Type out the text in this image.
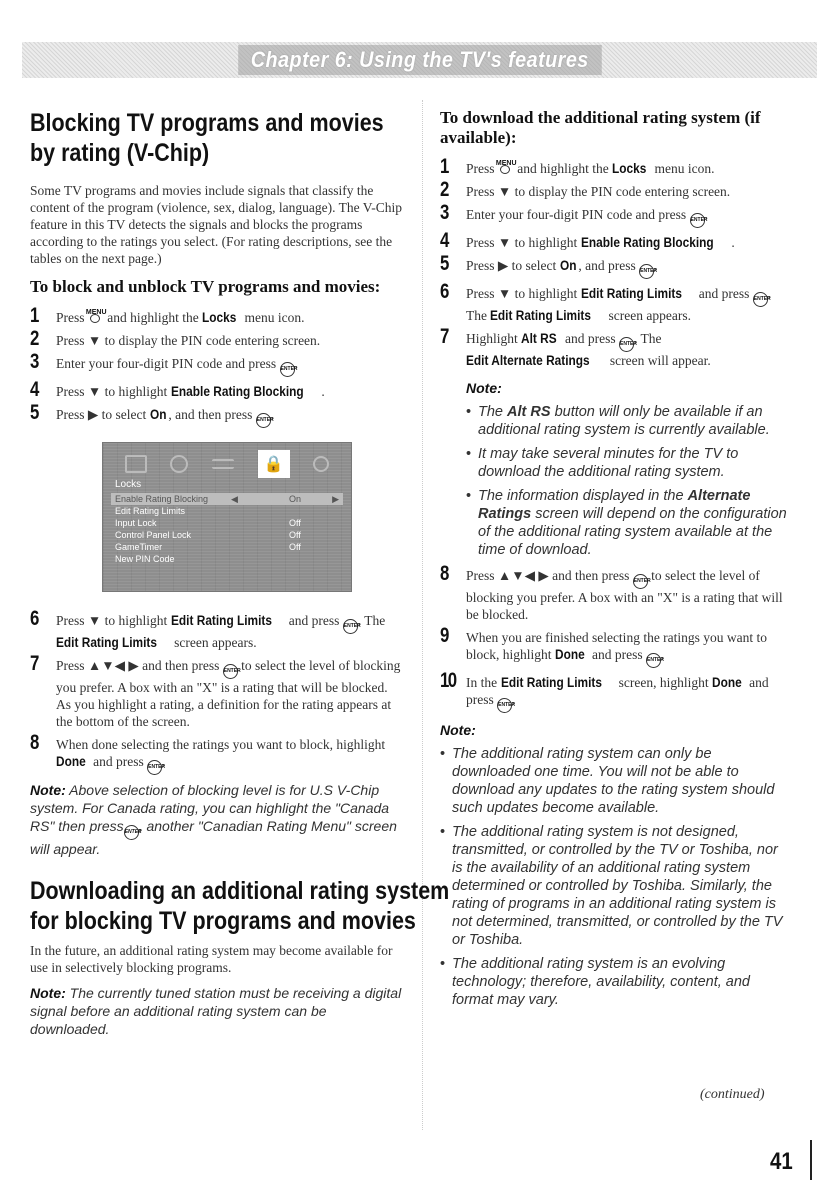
Chapter 6: Using the TV's features
Blocking TV programs and movies
by rating (V-Chip)

Some TV programs and movies include signals that classify the content of the program (violence, sex, dialog, language). The V-Chip feature in this TV detects the signals and blocks the programs according to the ratings you select. (For rating descriptions, see the tables on the next page.)

To block and unblock TV programs and movies:
1 Press MENU and highlight the Locks menu icon.
2 Press ▼ to display the PIN code entering screen.
3 Enter your four-digit PIN code and press ENTER.
4 Press ▼ to highlight Enable Rating Blocking .
5 Press ▶ to select On , and then press ENTER.
🔒
Locks
Enable Rating Blocking	◀	On	▶
Edit Rating Limits
Input Lock	Off
Control Panel Lock	Off
GameTimer	Off
New PIN Code
6 Press ▼ to highlight Edit Rating Limits and press ENTER. The Edit Rating Limits screen appears.
7 Press ▲▼◀ ▶ and then press ENTER to select the level of blocking you prefer. A box with an "X" is a rating that will be blocked. As you highlight a rating, a definition for the rating appears at the bottom of the screen.
8 When done selecting the ratings you want to block, highlight Done and press ENTER.

Note: Above selection of blocking level is for U.S V-Chip system. For Canada rating, you can highlight the "Canada RS" then pressENTER, another "Canadian Rating Menu" screen will appear.

Downloading an additional rating system
for blocking TV programs and movies

In the future, an additional rating system may become available for use in selectively blocking programs.

Note: The currently tuned station must be receiving a digital signal before an additional rating system can be downloaded.

To download the additional rating system (if available):
1 Press MENU and highlight the Locks menu icon.
2 Press ▼ to display the PIN code entering screen.
3 Enter your four-digit PIN code and press ENTER.
4 Press ▼ to highlight Enable Rating Blocking .
5 Press ▶ to select On , and press ENTER.
6 Press ▼ to highlight Edit Rating Limits and press ENTER. The Edit Rating Limits screen appears.
7 Highlight Alt RS and press ENTER. The Edit Alternate Ratings screen will appear.

Note:

• The Alt RS button will only be available if an additional rating system is currently available.
• It may take several minutes for the TV to download the additional rating system.
• The information displayed in the Alternate Ratings screen will depend on the configuration of the additional rating system available at the time of download.
8 Press ▲▼◀ ▶ and then press ENTER to select the level of blocking you prefer. A box with an "X" is a rating that will be blocked.
9 When you are finished selecting the ratings you want to block, highlight Done and press ENTER.
10 In the Edit Rating Limits screen, highlight Done and press ENTER.

Note:

• The additional rating system can only be downloaded one time. You will not be able to download any updates to the rating system should such updates become available.
• The additional rating system is not designed, transmitted, or controlled by the TV or Toshiba, nor is the availability of an additional rating system determined or controlled by Toshiba. Similarly, the rating of programs in an additional rating system is not determined, transmitted, or controlled by the TV or Toshiba.
• The additional rating system is an evolving technology; therefore, availability, content, and format may vary.
(continued)
41
